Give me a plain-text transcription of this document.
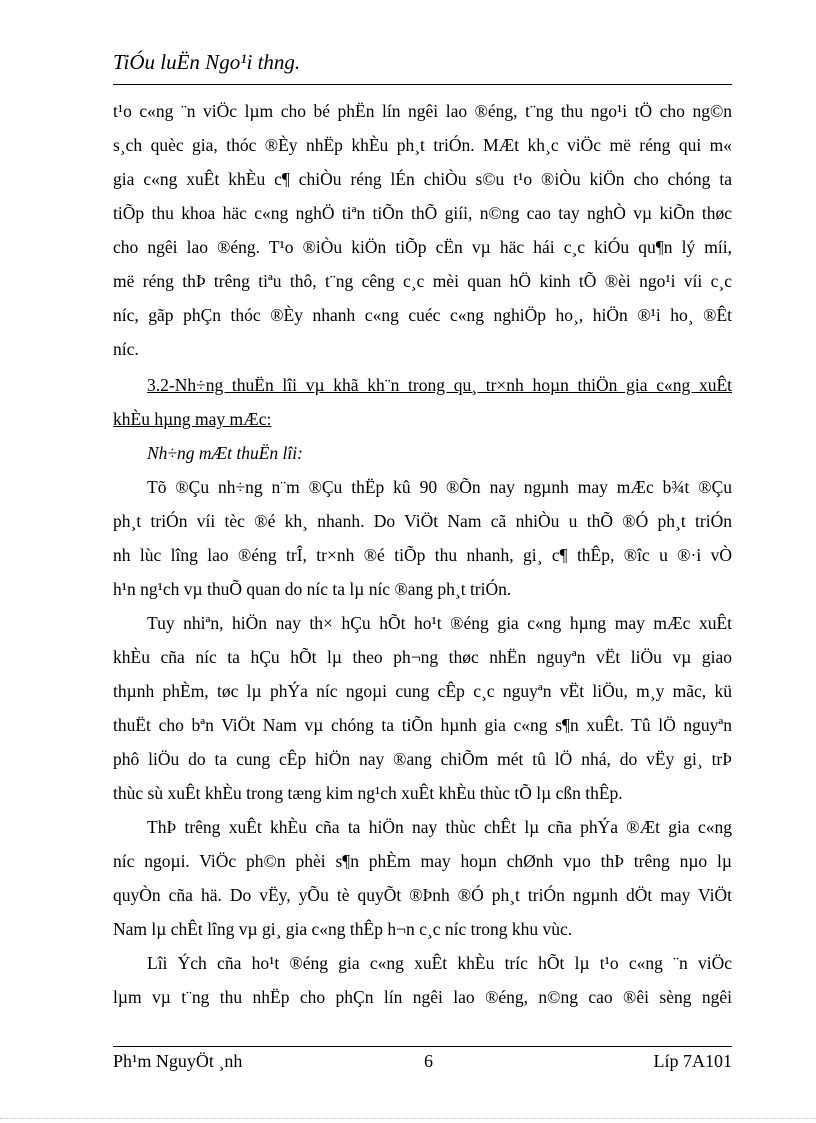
TiÓu luËn Ngo¹i thng.
t¹o c«ng ¨n viÖc lµm cho bé phËn lín ngêi lao ®éng, t¨ng thu ngo¹i tÖ cho ng©n
s¸ch quèc gia, thóc ®Èy nhËp khÈu ph¸t triÓn. MÆt kh¸c viÖc më réng qui m«
gia c«ng xuÊt khÈu c¶ chiÒu réng lÉn chiÒu s©u t¹o ®iÒu kiÖn cho chóng ta
tiÕp thu khoa häc c«ng nghÖ tiªn tiÕn thÕ giíi, n©ng cao tay nghÒ vµ kiÕn thøc
cho ngêi lao ®éng. T¹o ®iÒu kiÖn tiÕp cËn vµ häc hái c¸c kiÓu qu¶n lý míi,
më réng thÞ trêng tiªu thô, t¨ng cêng c¸c mèi quan hÖ kinh tÕ ®èi ngo¹i víi c¸c
níc, gãp phÇn thóc ®Èy nhanh c«ng cuéc c«ng nghiÖp ho¸, hiÖn ®¹i ho¸ ®Êt
níc.
3.2-Nh÷ng thuËn lîi vµ khã kh¨n trong qu¸ tr×nh hoµn thiÖn gia c«ng xuÊt
khÈu hµng may mÆc:
Nh÷ng mÆt thuËn lîi:
Tõ ®Çu nh÷ng n¨m ®Çu thËp kû 90 ®Õn nay ngµnh may mÆc b¾t ®Çu
ph¸t triÓn víi tèc ®é kh¸ nhanh. Do ViÖt Nam cã nhiÒu u thÕ ®Ó ph¸t triÓn
nh lùc lîng lao ®éng trÎ, tr×nh ®é tiÕp thu nhanh, gi¸ c¶ thÊp, ®îc u ®·i vÒ
h¹n ng¹ch vµ thuÕ quan do níc ta lµ níc ®ang ph¸t triÓn.
Tuy nhiªn, hiÖn nay th× hÇu hÕt ho¹t ®éng gia c«ng hµng may mÆc xuÊt
khÈu cña níc ta hÇu hÕt lµ theo ph¬ng thøc nhËn nguyªn vËt liÖu vµ giao
thµnh phÈm, tøc lµ phÝa níc ngoµi cung cÊp c¸c nguyªn vËt liÖu, m¸y mãc, kü
thuËt cho bªn ViÖt Nam vµ chóng ta tiÕn hµnh gia c«ng s¶n xuÊt. Tû lÖ nguyªn
phô liÖu do ta cung cÊp hiÖn nay ®ang chiÕm mét tû lÖ nhá, do vËy gi¸ trÞ
thùc sù xuÊt khÈu trong tæng kim ng¹ch xuÊt khÈu thùc tÕ lµ cßn thÊp.
ThÞ trêng xuÊt khÈu cña ta hiÖn nay thùc chÊt lµ cña phÝa ®Æt gia c«ng
níc ngoµi. ViÖc ph©n phèi s¶n phÈm may hoµn chØnh vµo thÞ trêng nµo lµ
quyÒn cña hä. Do vËy, yÕu tè quyÕt ®Þnh ®Ó ph¸t triÓn ngµnh dÖt may ViÖt
Nam lµ chÊt lîng vµ gi¸ gia c«ng thÊp h¬n c¸c níc trong khu vùc.
Lîi Ých cña ho¹t ®éng gia c«ng xuÊt khÈu tríc hÕt lµ t¹o c«ng ¨n viÖc
lµm vµ t¨ng thu nhËp cho phÇn lín ngêi lao ®éng, n©ng cao ®êi sèng ngêi
Ph¹m NguyÖt ¸nh	6	Líp 7A101
